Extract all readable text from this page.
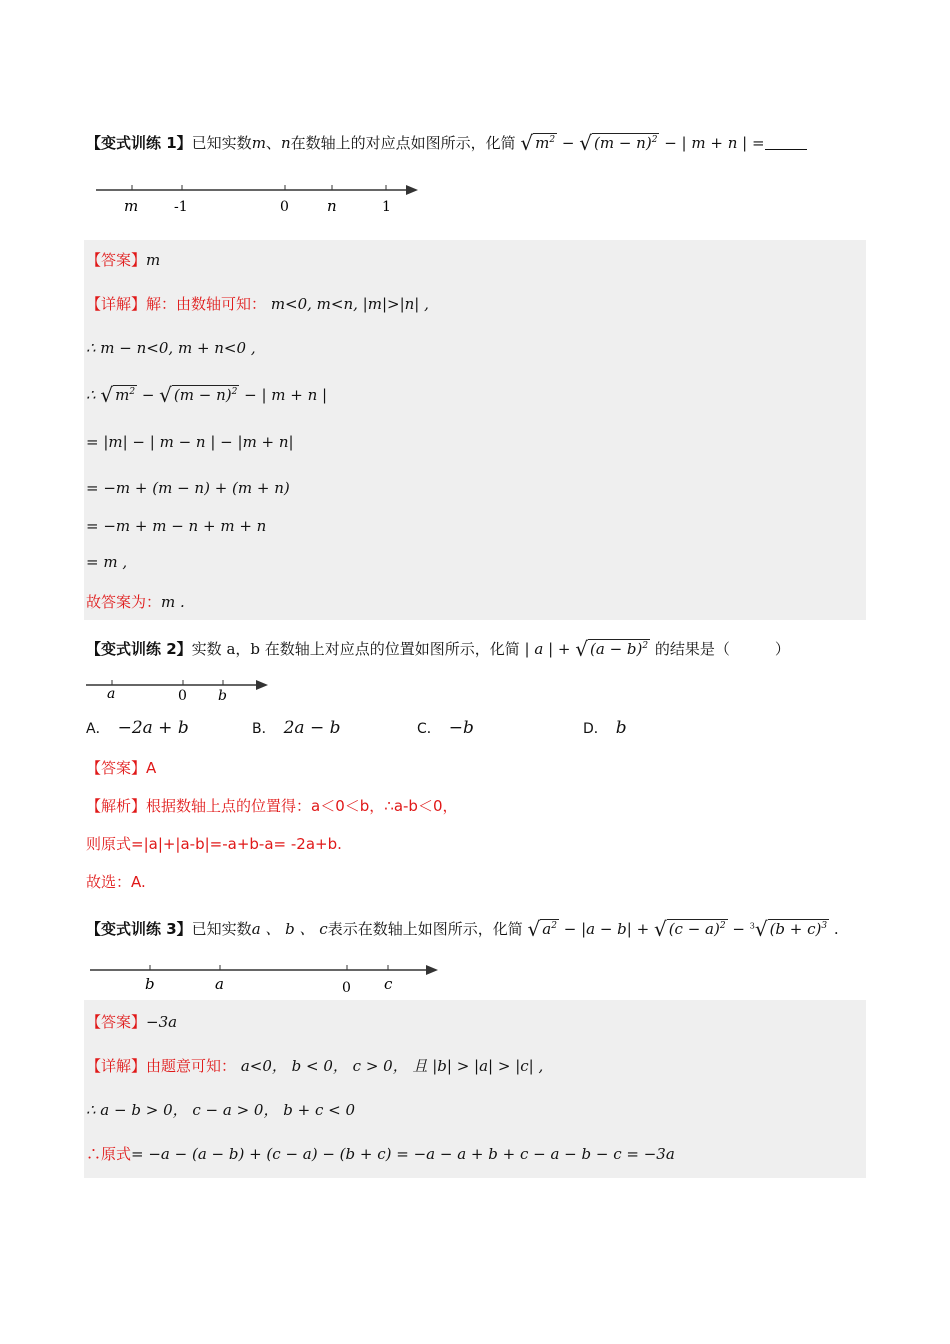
【变式训练 1】已知实数m、n在数轴上的对应点如图所示，化简 √ $m^2$ − √ $(m - n)^2$ − | m + n | =
m	-1	0	n	1
【答案】m
【详解】解：由数轴可知： m<0, m<n, |m|>|n| ,
∴ m − n<0, m + n<0 ,
∴ √ $m^2$ − √ $(m - n)^2$ − | m + n |
= |m| − | m − n | − |m + n|
= −m + (m − n) + (m + n)
= −m + m − n + m + n
= m ,
故答案为：m .
【变式训练 2】实数 a，b 在数轴上对应点的位置如图所示，化简 | a | + √ $(a - b)^2$ 的结果是（　　　）
a	0 b
A． −2a + b	B． 2a − b	C． −b	D． b
【答案】A
【解析】根据数轴上点的位置得：a＜0＜b，∴a-b＜0，
则原式=|a|+|a-b|=-a+b-a= -2a+b.
故选：A.
【变式训练 3】已知实数a 、 b 、 c表示在数轴上如图所示，化简 √ $a^2 - |a - b|$ + √ $(c - a)^2 - ^3√$ $(b + c)^3$ .
b	a	0 c
【答案】−3a
【详解】由题意可知： a<0， b < 0， c > 0， 且 |b| > |a| > |c| ,
∴ a − b > 0， c − a > 0， b + c < 0
∴原式= −a − (a − b) + (c − a) − (b + c) = −a − a + b + c − a − b − c = −3a
